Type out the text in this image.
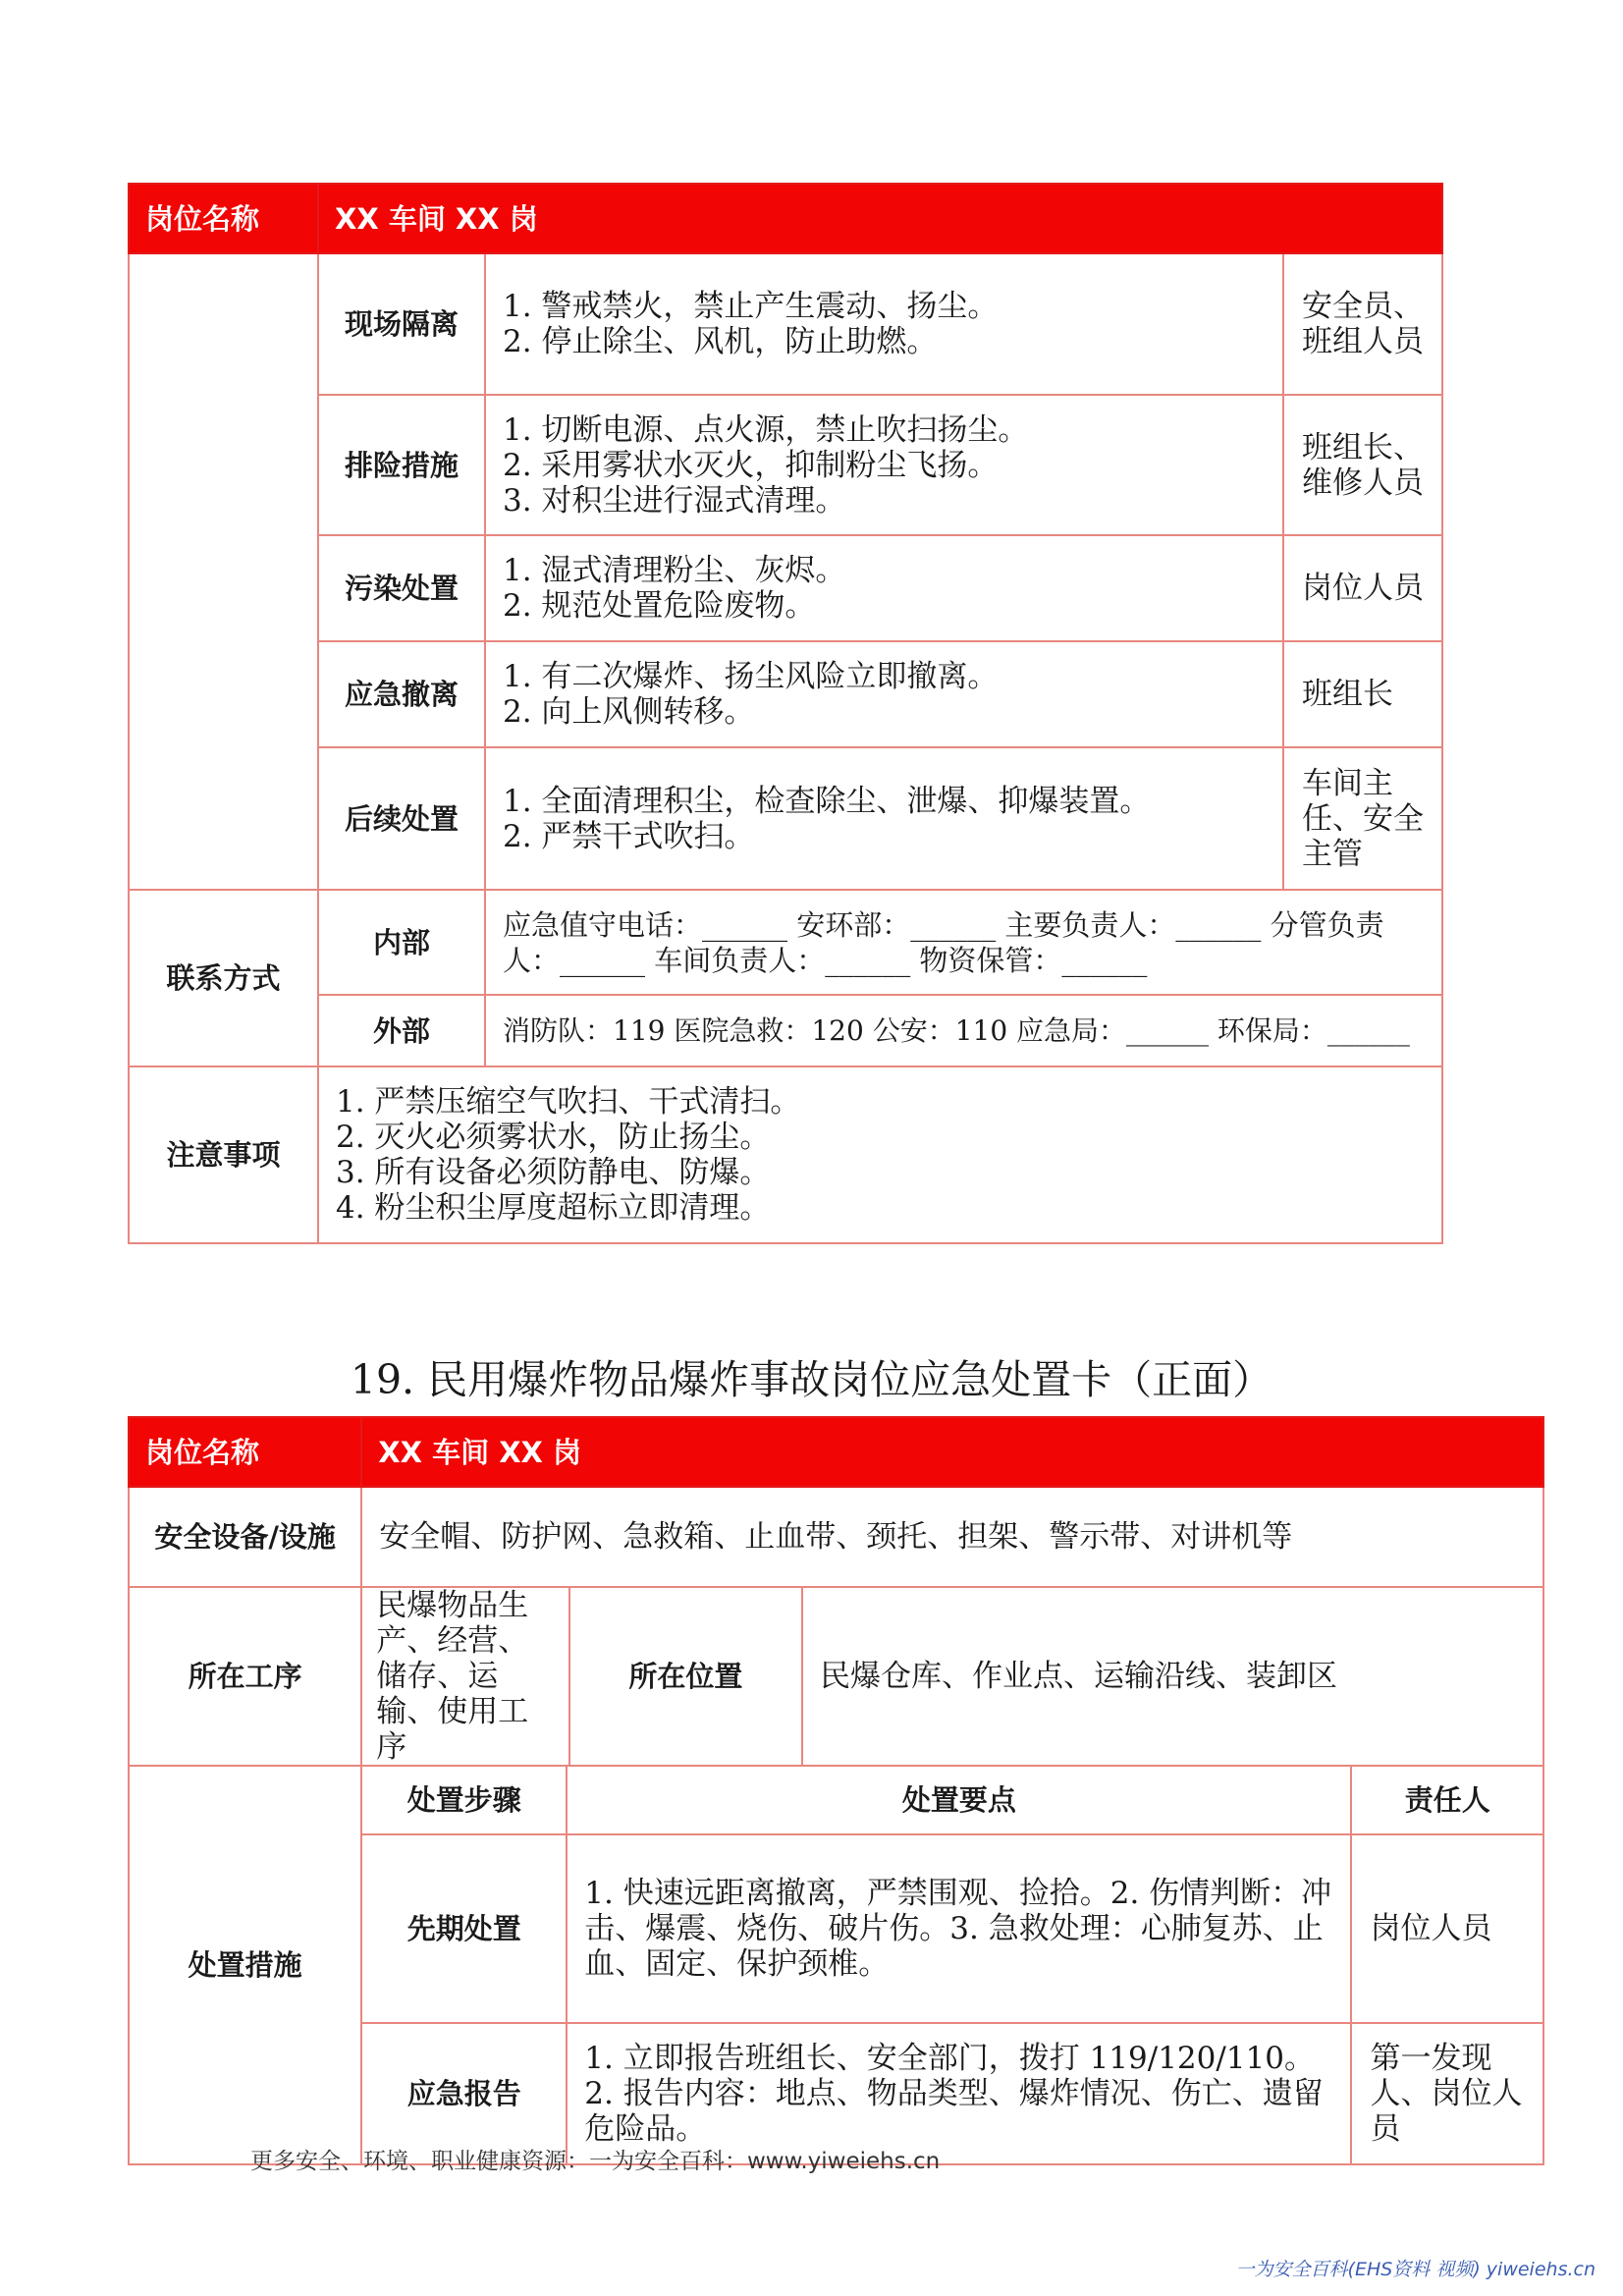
岗位名称	XX 车间 XX 岗		
	现场隔离	1. 警戒禁火，禁止产生震动、扬尘。
2. 停止除尘、风机，防止助燃。	安全员、班组人员
	排险措施	1. 切断电源、点火源，禁止吹扫扬尘。
2. 采用雾状水灭火，抑制粉尘飞扬。
3. 对积尘进行湿式清理。	班组长、维修人员
	污染处置	1. 湿式清理粉尘、灰烬。
2. 规范处置危险废物。	岗位人员
	应急撤离	1. 有二次爆炸、扬尘风险立即撤离。
2. 向上风侧转移。	班组长
	后续处置	1. 全面清理积尘，检查除尘、泄爆、抑爆装置。
2. 严禁干式吹扫。	车间主任、安全主管
联系方式	内部	应急值守电话：______ 安环部：______ 主要负责人：______ 分管负责人：______ 车间负责人：______ 物资保管：______	
	外部	消防队：119 医院急救：120 公安：110 应急局：______ 环保局：______	
注意事项	1. 严禁压缩空气吹扫、干式清扫。
2. 灭火必须雾状水，防止扬尘。
3. 所有设备必须防静电、防爆。
4. 粉尘积尘厚度超标立即清理。		
19. 民用爆炸物品爆炸事故岗位应急处置卡（正面）
岗位名称	XX 车间 XX 岗				
安全设备/设施	安全帽、防护网、急救箱、止血带、颈托、担架、警示带、对讲机等				
所在工序	民爆物品生产、经营、储存、运输、使用工序		所在位置	民爆仓库、作业点、运输沿线、装卸区	
处置措施	处置步骤	处置要点			责任人
	先期处置	1. 快速远距离撤离，严禁围观、捡拾。2. 伤情判断：冲击、爆震、烧伤、破片伤。3. 急救处理：心肺复苏、止血、固定、保护颈椎。			岗位人员
	应急报告	1. 立即报告班组长、安全部门，拨打 119/120/110。
2. 报告内容：地点、物品类型、爆炸情况、伤亡、遗留危险品。			第一发现人、岗位人员
更多安全、环境、职业健康资源：一为安全百科：www.yiweiehs.cn
一为安全百科(EHS资料 视频) yiweiehs.cn
